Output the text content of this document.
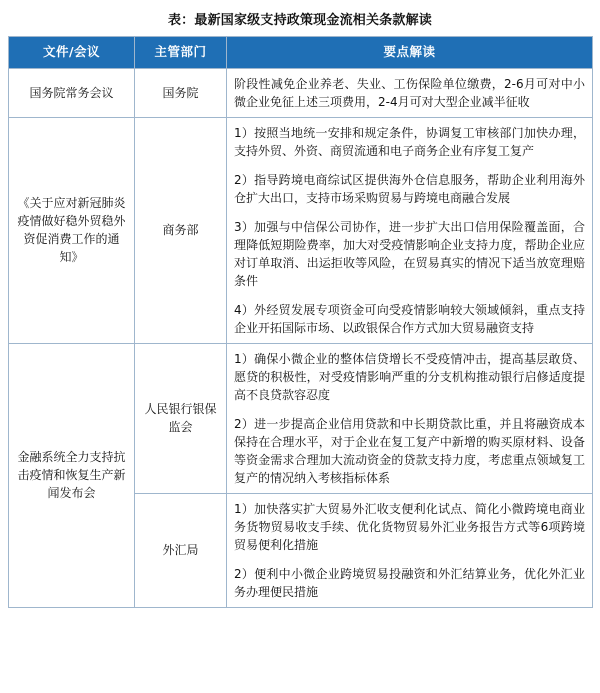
表：最新国家级支持政策现金流相关条款解读
文件/会议	主管部门	要点解读
国务院常务会议	国务院	阶段性减免企业养老、失业、工伤保险单位缴费，2-6月可对中小微企业免征上述三项费用，2-4月可对大型企业减半征收

《关于应对新冠肺炎疫情做好稳外贸稳外资促消费工作的通知》	商务部	1）按照当地统一安排和规定条件，协调复工审核部门加快办理，支持外贸、外资、商贸流通和电子商务企业有序复工复产

2）指导跨境电商综试区提供海外仓信息服务，帮助企业利用海外仓扩大出口，支持市场采购贸易与跨境电商融合发展

3）加强与中信保公司协作，进一步扩大出口信用保险覆盖面，合理降低短期险费率，加大对受疫情影响企业支持力度，帮助企业应对订单取消、出运拒收等风险，在贸易真实的情况下适当放宽理赔条件

4）外经贸发展专项资金可向受疫情影响较大领域倾斜，重点支持企业开拓国际市场、以政银保合作方式加大贸易融资支持

金融系统全力支持抗击疫情和恢复生产新闻发布会	人民银行银保监会	1）确保小微企业的整体信贷增长不受疫情冲击，提高基层敢贷、愿贷的积极性，对受疫情影响严重的分支机构推动银行启修适度提高不良贷款容忍度

2）进一步提高企业信用贷款和中长期贷款比重，并且将融资成本保持在合理水平，对于企业在复工复产中新增的购买原材料、设备等资金需求合理加大流动资金的贷款支持力度，考虑重点领域复工复产的情况纳入考核指标体系

	外汇局	1）加快落实扩大贸易外汇收支便利化试点、简化小微跨境电商业务货物贸易收支手续、优化货物贸易外汇业务报告方式等6项跨境贸易便利化措施

2）便利中小微企业跨境贸易投融资和外汇结算业务，优化外汇业务办理便民措施
